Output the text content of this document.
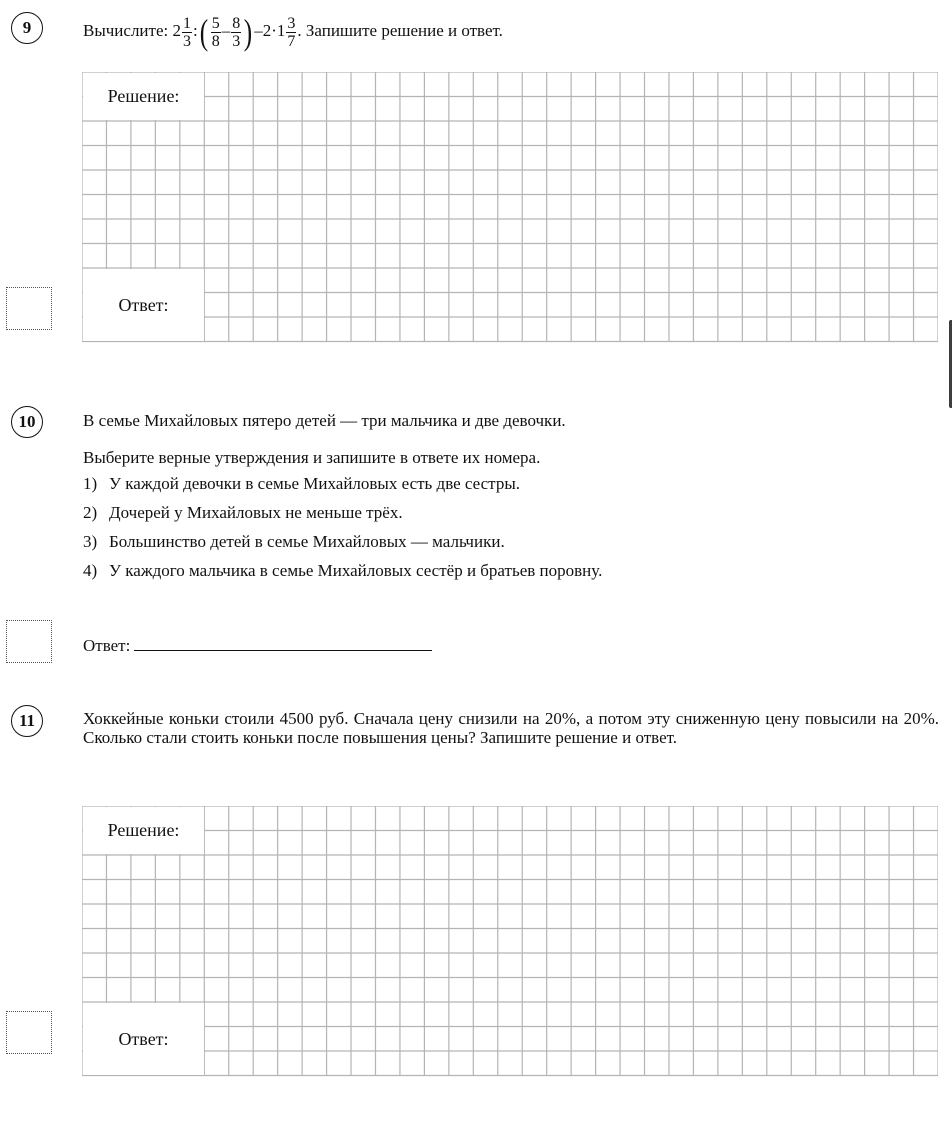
9	Вычислите: $2 \frac{1}{3}$ :( $\frac{5}{8} - \frac{8}{3}$ ) $-2\cdot 1 \frac{3}{7}$ . Запишите решение и ответ.
Решение:
Ответ:
10	В семье Михайловых пятеро детей — три мальчика и две девочки.
Выберите верные утверждения и запишите в ответе их номера.
1) У каждой девочки в семье Михайловых есть две сестры.
2) Дочерей у Михайловых не меньше трёх.
3) Большинство детей в семье Михайловых — мальчики.
4) У каждого мальчика в семье Михайловых сестёр и братьев поровну.
Ответ:
11	Хоккейные коньки стоили 4500 руб. Сначала цену снизили на 20%, а потом эту сниженную цену повысили на 20%. Сколько стали стоить коньки после повышения цены? Запишите решение и ответ.
Решение:
Ответ:
